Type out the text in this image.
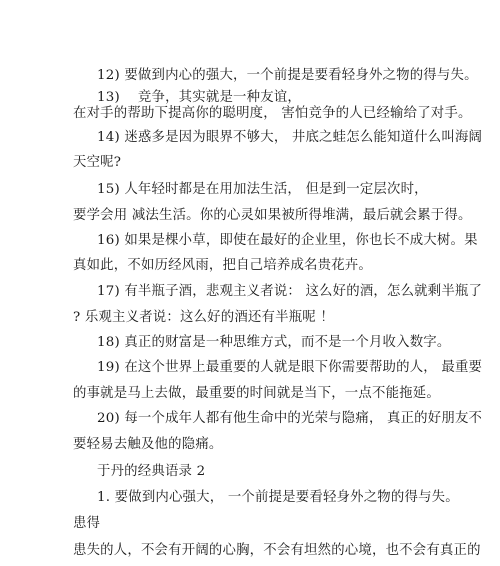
12) 要做到内心的强大，一个前提是要看轻身外之物的得与失。
13)　 竞争，其实就是一种友谊，
在对手的帮助下提高你的聪明度， 害怕竞争的人已经输给了对手。
14) 迷惑多是因为眼界不够大， 井底之蛙怎么能知道什么叫海阔
天空呢?
15) 人年轻时都是在用加法生活， 但是到一定层次时，
要学会用 减法生活。你的心灵如果被所得堆满，最后就会累于得。
16) 如果是棵小草，即使在最好的企业里，你也长不成大树。果
真如此，不如历经风雨，把自己培养成名贵花卉。
17) 有半瓶子酒，悲观主义者说： 这么好的酒，怎么就剩半瓶了
? 乐观主义者说：这么好的酒还有半瓶呢 ！
18) 真正的财富是一种思维方式，而不是一个月收入数字。
19) 在这个世界上最重要的人就是眼下你需要帮助的人， 最重要
的事就是马上去做，最重要的时间就是当下，一点不能拖延。
20) 每一个成年人都有他生命中的光荣与隐痛， 真正的好朋友不
要轻易去触及他的隐痛。
于丹的经典语录 2
1. 要做到内心强大， 一个前提是要看轻身外之物的得与失。
患得
患失的人，不会有开阔的心胸，不会有坦然的心境，也不会有真正的
